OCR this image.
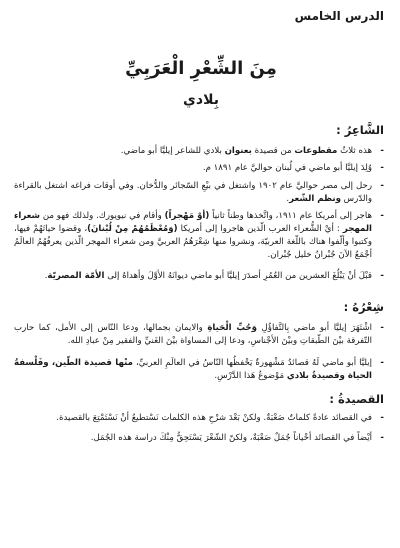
الدرس الخامس
مِنَ الشِّعْرِ الْعَرَبِيِّ
بِلادي
الشَّاعِرُ :
- هذه ثلاثُ مقطوعات من قصيدة بعنوان بلادي للشاعر إيليَّا أبو ماضي.
- وُلِدَ إيليَّا أبو ماضي في لُبنان حواليَّ عام ١٨٩١ م.
- رحل إلى مصر حواليَّ عام ١٩٠٢ واشتغل في بيْعِ السّجائر والدُّخان. وفي أوقات فراغه اشتغل بالقراءة والدّرس ونظم الشّعر.
- هاجر إلى أمريكا عام ١٩١١، واتَّخذها وطناً ثانياً (أوْ مَهْجراً) وأقام في نيويورك. ولذلك فهو من شعراء المهجر : أيْ الشُّعراء العرب الّذين هاجروا إلى أمريكا (وَمُعْظَمُهُمْ مِنْ لُبْنانَ)، وقضوا حياتَهُمْ فيها، وكتبوا وألّفوا هناك باللّغة العربيّة، ونشروا منها شِعْرَهُمُ العربيَّ ومن شعراء المهجر الّذين يعرفُهُمُ العالَمُ أجْمَعُ الآنَ جُبْرانُ خليل جُبْران.
- قبْلَ أنْ يَبْلُغَ العشرين من العُمُرِ أصدَرَ إيليَّا أبو ماضي ديوانَهُ الأوَّلَ وأهداهُ إلى الأمّة المصريّة.
شِعْرُهُ :
- اشْتَهَرَ إيليَّا أبو ماضي بِالتَّفاؤُلِ وَحُبِّ الْحَياةِ والايمان بجمالها، ودعا النّاس إلى الأمل، كما حارب التّفرقة بيْنَ الطّبقاتِ وبيْنَ الأجْناسِ، ودعا إلى المساواة بيْنَ الغَنيِّ والفقير مِنْ عبادِ الله.
- إيليَّا أبو ماضي لَهُ قصائدُ مَشْهورةٌ يَحْفظُها النّاسُ في العالَمِ العربيِّ، منْها قصيدة الطّين، وفَلْسفةُ الحياة وقصيدةُ بلادي مَوْضوعُ هَذا الدَّرْسِ.
القصيدةُ :
- في القصائد عادةً كلماتٌ صَعْبَةٌ. ولكنْ بَعْدَ شرْحِ هذه الكلمات نَسْتطيعُ أنْ نَسْتَمْتِعَ بالقصيدة.
- أيْضاً في القصائد أحْياناً جُمَلٌ صَعْبَةٌ، ولكنّ الشّعْرَ يَسْتَحِقُّ مِنْكَ دراسة هذه الجُمَل.
